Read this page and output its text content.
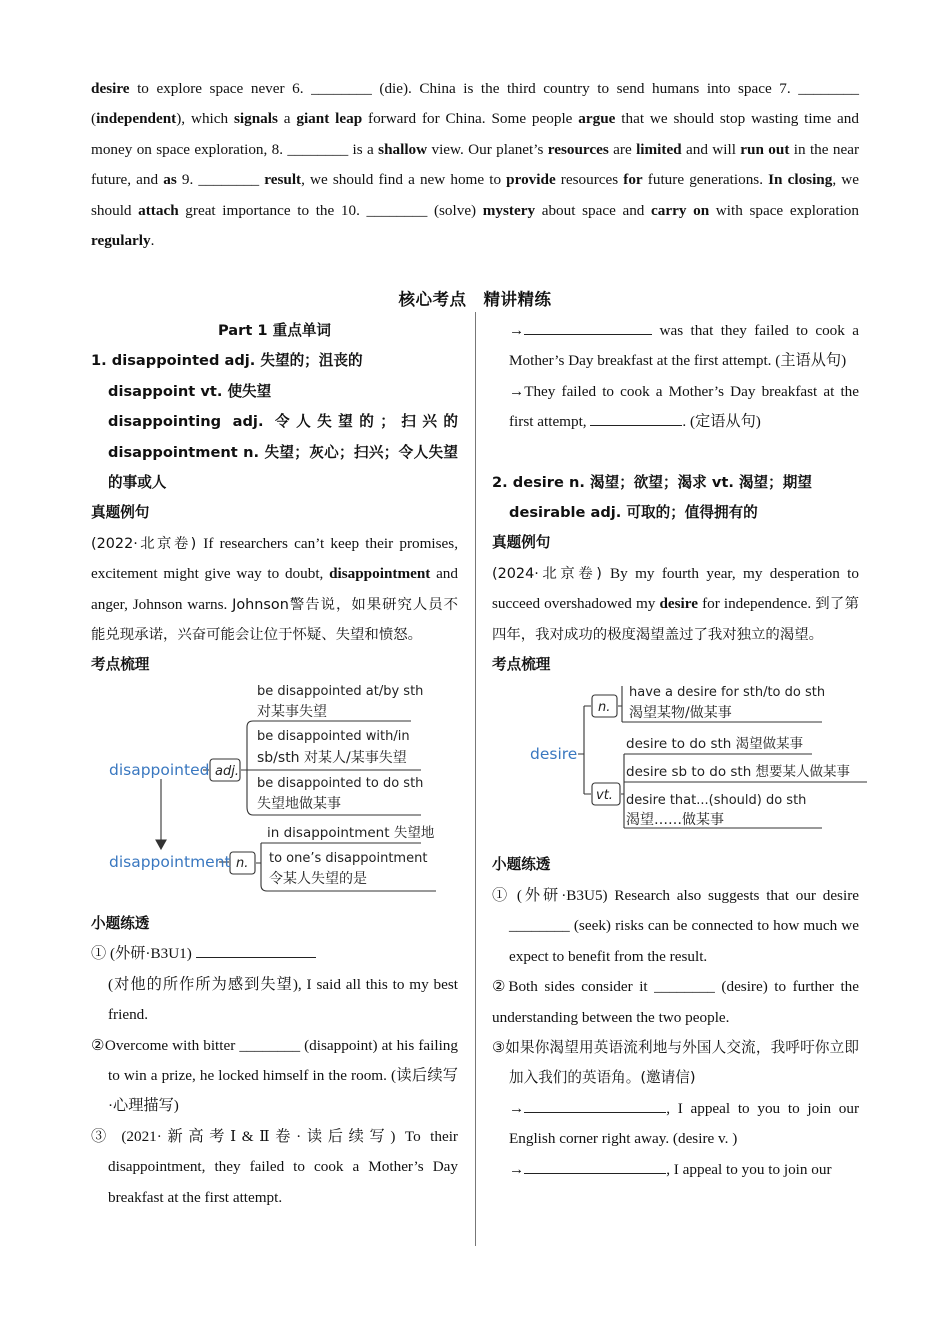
desire to explore space never 6. ________ (die). China is the third country to send humans into space 7. ________ (independent), which signals a giant leap forward for China. Some people argue that we should stop wasting time and money on space exploration, 8. ________ is a shallow view. Our planet’s resources are limited and will run out in the near future, and as 9. ________ result, we should find a new home to provide resources for future generations. In closing, we should attach great importance to the 10. ________ (solve) mystery about space and carry on with space exploration regularly.
核心考点　精讲精练
Part 1 重点单词
1. disappointed adj. 失望的；沮丧的
disappoint vt. 使失望
disappointing adj. 令人失望的；扫兴的
disappointment n. 失望；灰心；扫兴；令人失望的事或人
真题例句
(2022·北京卷) If researchers can’t keep their promises, excitement might give way to doubt, disappointment and anger, Johnson warns. Johnson警告说，如果研究人员不能兑现承诺，兴奋可能会让位于怀疑、失望和愤怒。
考点梳理
disappointed adj.
be disappointed at/by sth
对某事失望
be disappointed with/in
sb/sth 对某人/某事失望
be disappointed to do sth
失望地做某事
disappointment n.
in disappointment 失望地
to one’s disappointment
令某人失望的是
小题练透
① (外研·B3U1)
(对他的所作所为感到失望), I said all this to my best friend.
②Overcome with bitter ________ (disappoint) at his failing to win a prize, he locked himself in the room. (读后续写·心理描写)
③ (2021·新高考Ⅰ&Ⅱ卷·读后续写) To their disappointment, they failed to cook a Mother’s Day breakfast at the first attempt.
→	was that they failed to cook a Mother’s Day breakfast at the first attempt. (主语从句)
→They failed to cook a Mother’s Day breakfast at the first attempt,	. (定语从句)
2. desire n. 渴望；欲望；渴求 vt. 渴望；期望
desirable adj. 可取的；值得拥有的
真题例句
(2024·北京卷) By my fourth year, my desperation to succeed overshadowed my desire for independence. 到了第四年，我对成功的极度渴望盖过了我对独立的渴望。
考点梳理
desire
n.
vt.
have a desire for sth/to do sth
渴望某物/做某事
desire to do sth 渴望做某事
desire sb to do sth 想要某人做某事
desire that...(should) do sth
渴望……做某事
小题练透
① (外研·B3U5) Research also suggests that our desire ________ (seek) risks can be connected to how much we expect to benefit from the result.
②Both sides consider it ________ (desire) to further the understanding between the two people.
③如果你渴望用英语流利地与外国人交流，我呼吁你立即加入我们的英语角。(邀请信)
→	, I appeal to you to join our English corner right away. (desire v. )
→	, I appeal to you to join our
